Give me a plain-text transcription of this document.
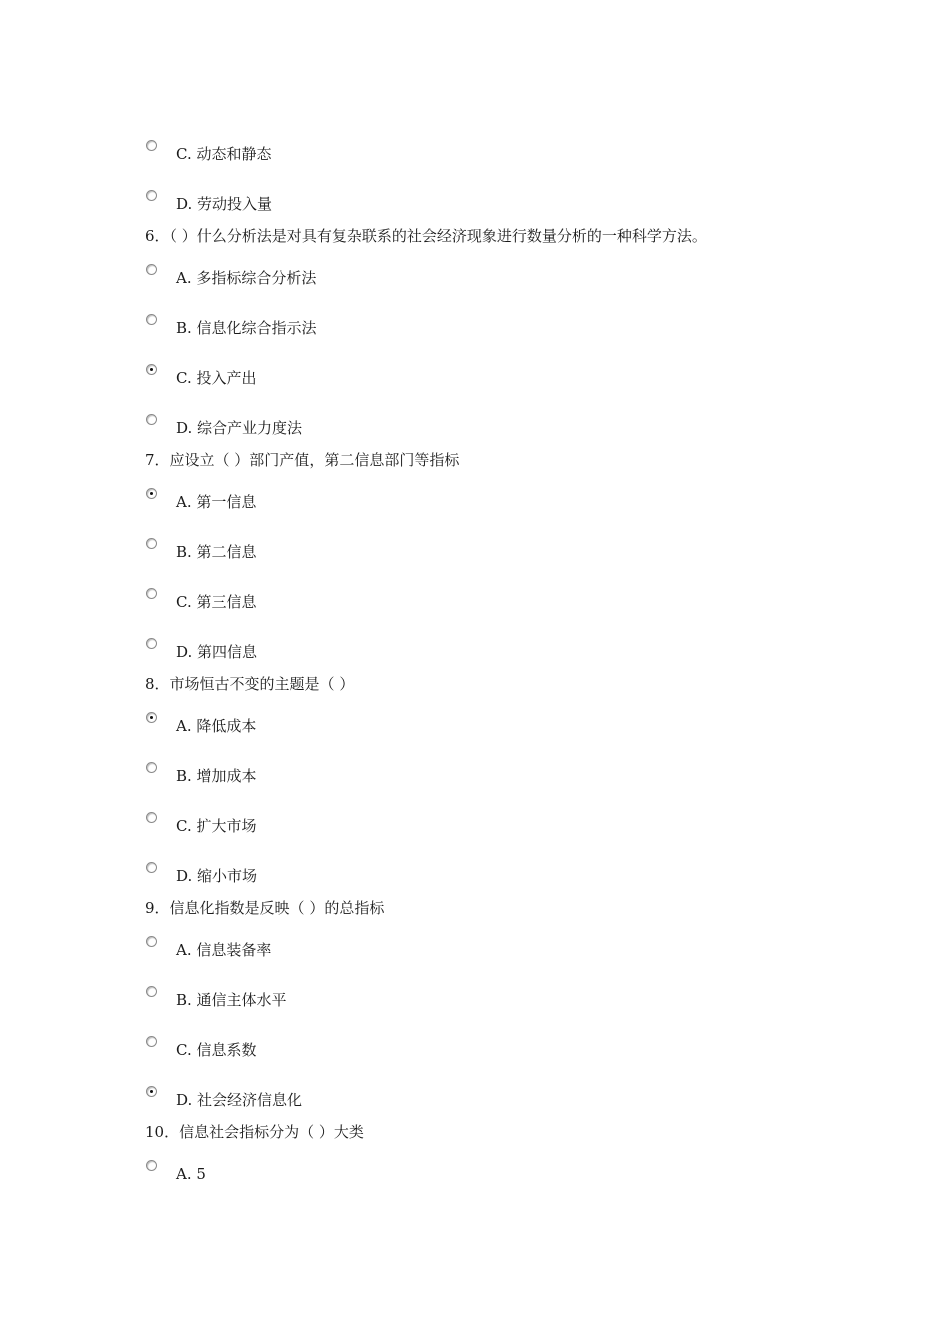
C. 动态和静态
D. 劳动投入量
6．（ ）什么分析法是对具有复杂联系的社会经济现象进行数量分析的一种科学方法。
A. 多指标综合分析法
B. 信息化综合指示法
C. 投入产出
D. 综合产业力度法
7．应设立（ ）部门产值，第二信息部门等指标
A. 第一信息
B. 第二信息
C. 第三信息
D. 第四信息
8．市场恒古不变的主题是（ ）
A. 降低成本
B. 增加成本
C. 扩大市场
D. 缩小市场
9．信息化指数是反映（ ）的总指标
A. 信息装备率
B. 通信主体水平
C. 信息系数
D. 社会经济信息化
10．信息社会指标分为（ ）大类
A. 5
